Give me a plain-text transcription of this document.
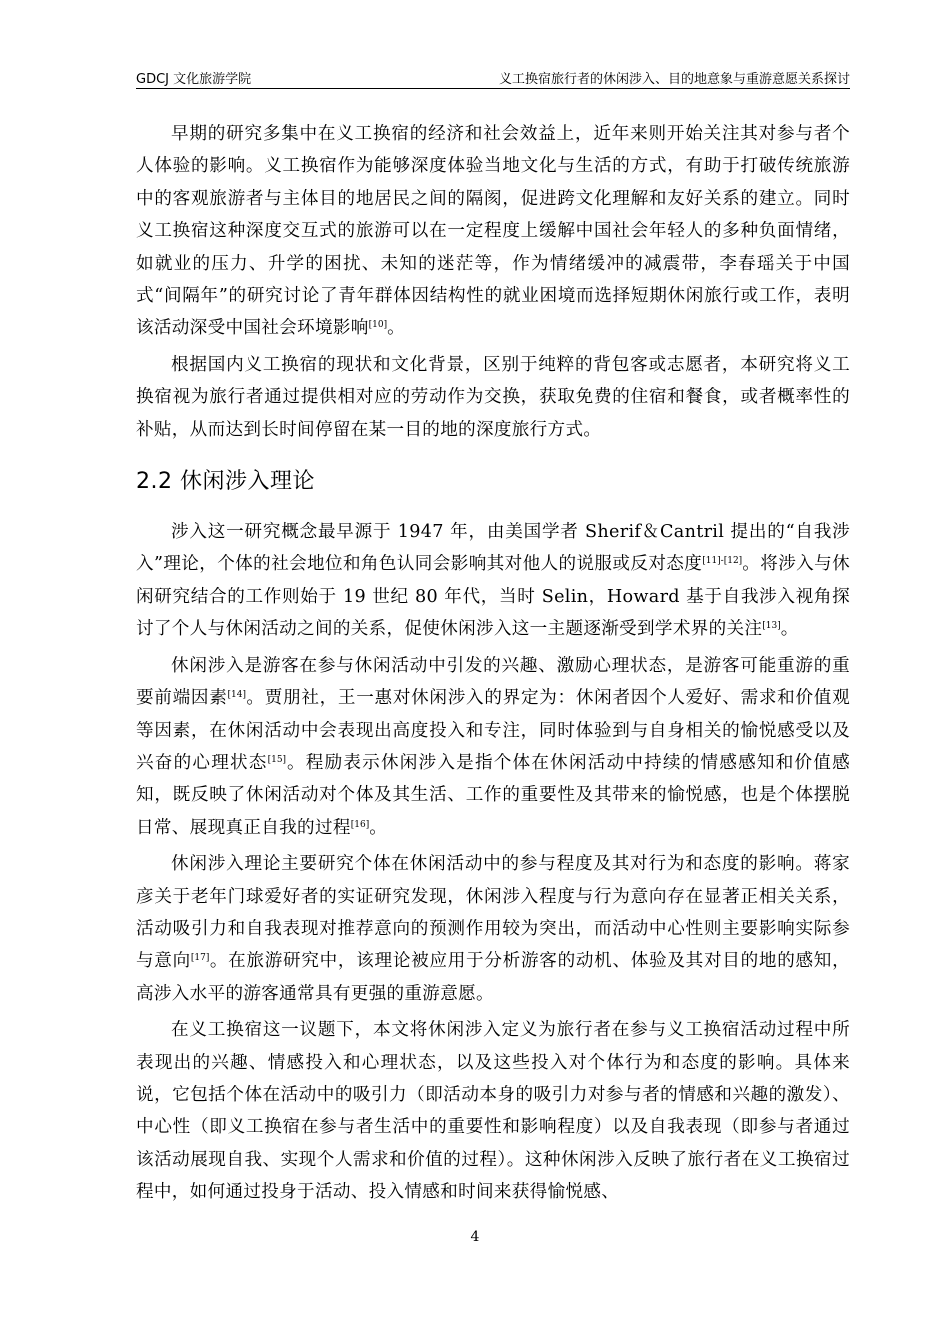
GDCJ 文化旅游学院	义工换宿旅行者的休闲涉入、目的地意象与重游意愿关系探讨

早期的研究多集中在义工换宿的经济和社会效益上，近年来则开始关注其对参与者个人体验的影响。义工换宿作为能够深度体验当地文化与生活的方式，有助于打破传统旅游中的客观旅游者与主体目的地居民之间的隔阂，促进跨文化理解和友好关系的建立。同时义工换宿这种深度交互式的旅游可以在一定程度上缓解中国社会年轻人的多种负面情绪，如就业的压力、升学的困扰、未知的迷茫等，作为情绪缓冲的减震带，李春瑶关于中国式“间隔年”的研究讨论了青年群体因结构性的就业困境而选择短期休闲旅行或工作，表明该活动深受中国社会环境影响[10]。

根据国内义工换宿的现状和文化背景，区别于纯粹的背包客或志愿者，本研究将义工换宿视为旅行者通过提供相对应的劳动作为交换，获取免费的住宿和餐食，或者概率性的补贴，从而达到长时间停留在某一目的地的深度旅行方式。

2.2 休闲涉入理论

涉入这一研究概念最早源于 1947 年，由美国学者 Sherif＆Cantril 提出的“自我涉入”理论，个体的社会地位和角色认同会影响其对他人的说服或反对态度[11]-[12]。将涉入与休闲研究结合的工作则始于 19 世纪 80 年代，当时 Selin，Howard 基于自我涉入视角探讨了个人与休闲活动之间的关系，促使休闲涉入这一主题逐渐受到学术界的关注[13]。

休闲涉入是游客在参与休闲活动中引发的兴趣、激励心理状态，是游客可能重游的重要前端因素[14]。贾朋社，王一惠对休闲涉入的界定为：休闲者因个人爱好、需求和价值观等因素，在休闲活动中会表现出高度投入和专注，同时体验到与自身相关的愉悦感受以及兴奋的心理状态[15]。程励表示休闲涉入是指个体在休闲活动中持续的情感感知和价值感知，既反映了休闲活动对个体及其生活、工作的重要性及其带来的愉悦感，也是个体摆脱日常、展现真正自我的过程[16]。

休闲涉入理论主要研究个体在休闲活动中的参与程度及其对行为和态度的影响。蒋家彦关于老年门球爱好者的实证研究发现，休闲涉入程度与行为意向存在显著正相关关系，活动吸引力和自我表现对推荐意向的预测作用较为突出，而活动中心性则主要影响实际参与意向[17]。在旅游研究中，该理论被应用于分析游客的动机、体验及其对目的地的感知，高涉入水平的游客通常具有更强的重游意愿。

在义工换宿这一议题下，本文将休闲涉入定义为旅行者在参与义工换宿活动过程中所表现出的兴趣、情感投入和心理状态，以及这些投入对个体行为和态度的影响。具体来说，它包括个体在活动中的吸引力（即活动本身的吸引力对参与者的情感和兴趣的激发）、中心性（即义工换宿在参与者生活中的重要性和影响程度）以及自我表现（即参与者通过该活动展现自我、实现个人需求和价值的过程）。这种休闲涉入反映了旅行者在义工换宿过程中，如何通过投身于活动、投入情感和时间来获得愉悦感、

4
